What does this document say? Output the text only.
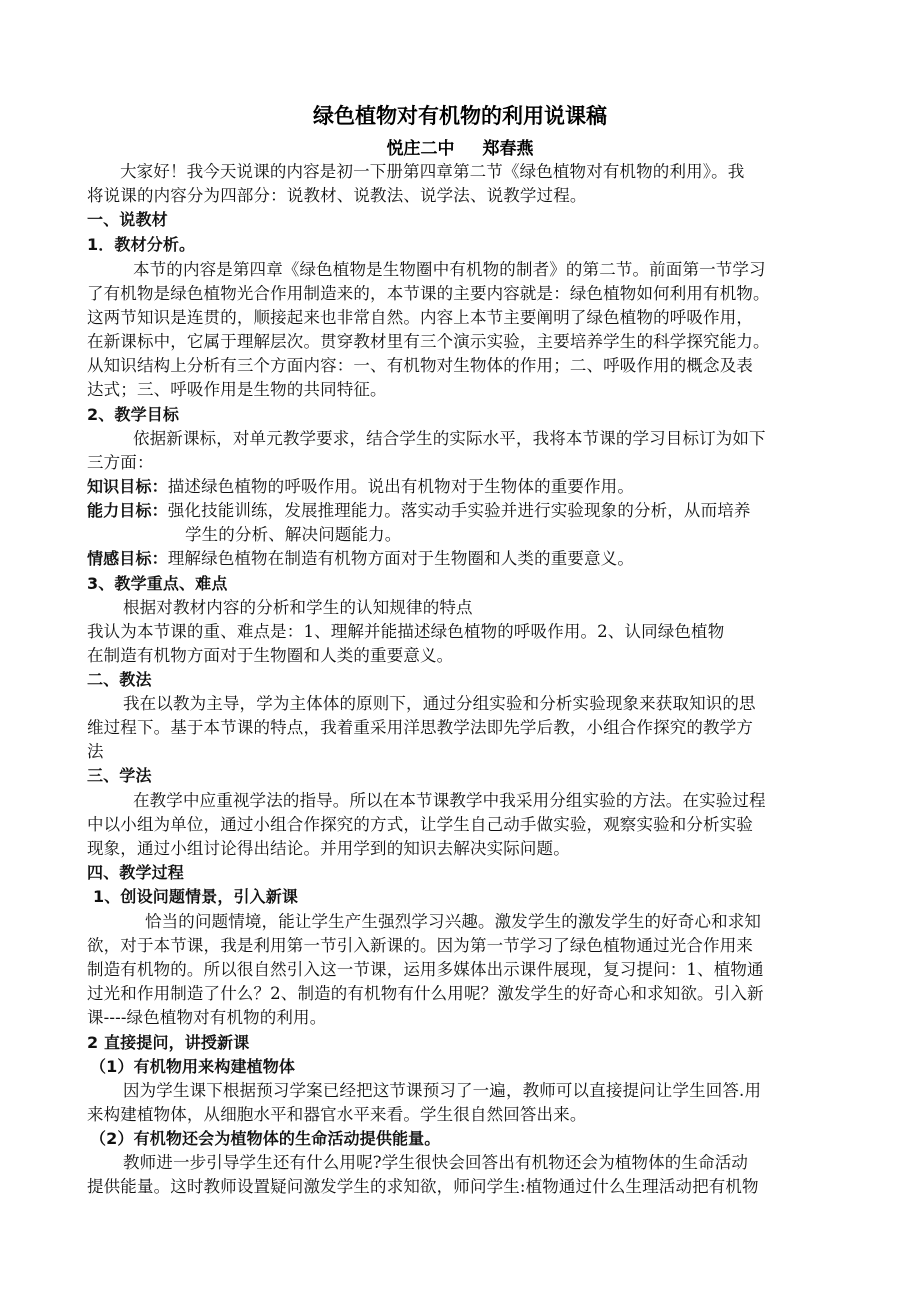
绿色植物对有机物的利用说课稿
悦庄二中 郑春燕
大家好！我今天说课的内容是初一下册第四章第二节《绿色植物对有机物的利用》。我
将说课的内容分为四部分：说教材、说教法、说学法、说教学过程。
一、说教材
1．教材分析。
本节的内容是第四章《绿色植物是生物圈中有机物的制者》的第二节。前面第一节学习
了有机物是绿色植物光合作用制造来的，本节课的主要内容就是：绿色植物如何利用有机物。
这两节知识是连贯的，顺接起来也非常自然。内容上本节主要阐明了绿色植物的呼吸作用，
在新课标中，它属于理解层次。贯穿教材里有三个演示实验，主要培养学生的科学探究能力。
从知识结构上分析有三个方面内容：一、有机物对生物体的作用；二、呼吸作用的概念及表
达式；三、呼吸作用是生物的共同特征。
2、教学目标
依据新课标，对单元教学要求，结合学生的实际水平，我将本节课的学习目标订为如下
三方面：
知识目标：描述绿色植物的呼吸作用。说出有机物对于生物体的重要作用。
能力目标：强化技能训练，发展推理能力。落实动手实验并进行实验现象的分析，从而培养
学生的分析、解决问题能力。
情感目标：理解绿色植物在制造有机物方面对于生物圈和人类的重要意义。
3、教学重点、难点
根据对教材内容的分析和学生的认知规律的特点
我认为本节课的重、难点是：1、理解并能描述绿色植物的呼吸作用。2、认同绿色植物
在制造有机物方面对于生物圈和人类的重要意义。
二、教法
我在以教为主导，学为主体体的原则下，通过分组实验和分析实验现象来获取知识的思
维过程下。基于本节课的特点，我着重采用洋思教学法即先学后教，小组合作探究的教学方
法
三、学法
在教学中应重视学法的指导。所以在本节课教学中我采用分组实验的方法。在实验过程
中以小组为单位，通过小组合作探究的方式，让学生自己动手做实验，观察实验和分析实验
现象，通过小组讨论得出结论。并用学到的知识去解决实际问题。
四、教学过程
1、创设问题情景，引入新课
恰当的问题情境，能让学生产生强烈学习兴趣。激发学生的激发学生的好奇心和求知
欲，对于本节课，我是利用第一节引入新课的。因为第一节学习了绿色植物通过光合作用来
制造有机物的。所以很自然引入这一节课，运用多媒体出示课件展现，复习提问：1、植物通
过光和作用制造了什么？2、制造的有机物有什么用呢？激发学生的好奇心和求知欲。引入新
课----绿色植物对有机物的利用。
2 直接提问，讲授新课
（1）有机物用来构建植物体
因为学生课下根据预习学案已经把这节课预习了一遍，教师可以直接提问让学生回答.用
来构建植物体，从细胞水平和器官水平来看。学生很自然回答出来。
（2）有机物还会为植物体的生命活动提供能量。
教师进一步引导学生还有什么用呢?学生很快会回答出有机物还会为植物体的生命活动
提供能量。这时教师设置疑问激发学生的求知欲，师问学生:植物通过什么生理活动把有机物
